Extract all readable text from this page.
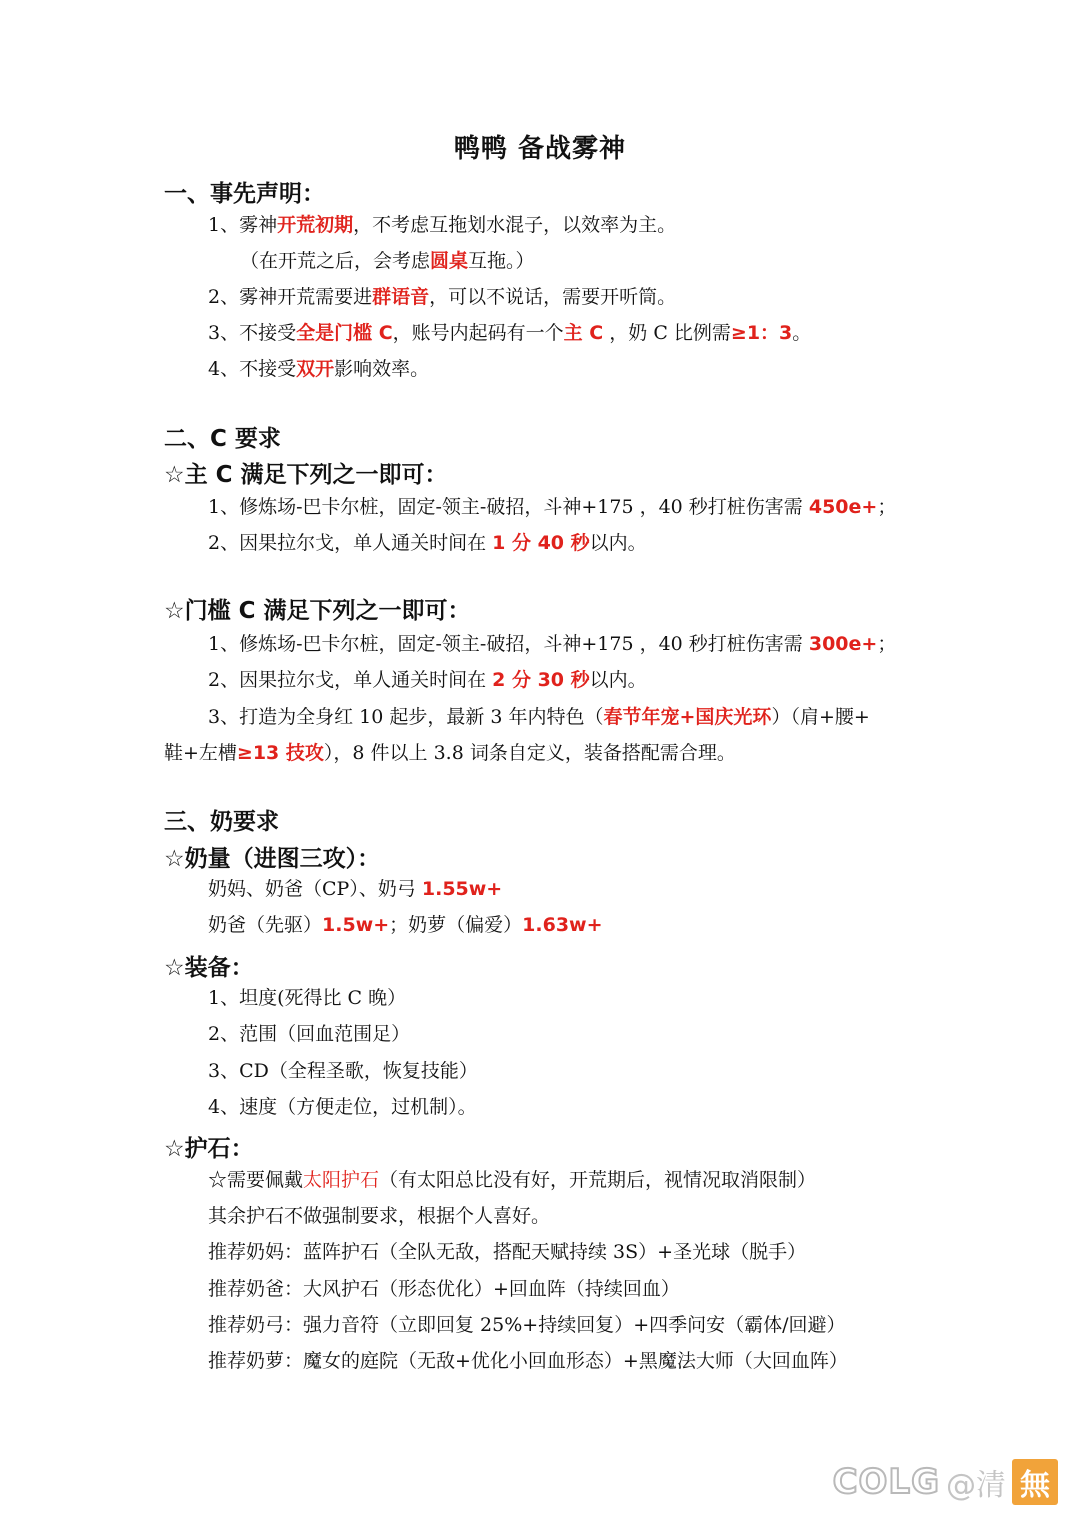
鸭鸭 备战雾神
一、事先声明：
1、雾神开荒初期，不考虑互拖划水混子，以效率为主。
（在开荒之后，会考虑圆桌互拖。）
2、雾神开荒需要进群语音，可以不说话，需要开听筒。
3、不接受全是门槛 C，账号内起码有一个主 C ，奶 C 比例需≥1：3。
4、不接受双开影响效率。
二、C 要求
☆主 C 满足下列之一即可：
1、修炼场-巴卡尔桩，固定-领主-破招，斗神+175 ，40 秒打桩伤害需 450e+；
2、因果拉尔戈，单人通关时间在 1 分 40 秒以内。
☆门槛 C 满足下列之一即可：
1、修炼场-巴卡尔桩，固定-领主-破招，斗神+175 ，40 秒打桩伤害需 300e+；
2、因果拉尔戈，单人通关时间在 2 分 30 秒以内。
3、打造为全身红 10 起步，最新 3 年内特色（春节年宠+国庆光环）（肩+腰+
鞋+左槽≥13 技攻），8 件以上 3.8 词条自定义，装备搭配需合理。
三、奶要求
☆奶量（进图三攻）：
奶妈、奶爸（CP）、奶弓 1.55w+
奶爸（先驱）1.5w+；奶萝（偏爱）1.63w+
☆装备：
1、坦度(死得比 C 晚）
2、范围（回血范围足）
3、CD（全程圣歌，恢复技能）
4、速度（方便走位，过机制）。
☆护石：
☆需要佩戴太阳护石（有太阳总比没有好，开荒期后，视情况取消限制）
其余护石不做强制要求，根据个人喜好。
推荐奶妈：蓝阵护石（全队无敌，搭配天赋持续 3S）+圣光球（脱手）
推荐奶爸：大风护石（形态优化）+回血阵（持续回血）
推荐奶弓：强力音符（立即回复 25%+持续回复）+四季问安（霸体/回避）
推荐奶萝：魔女的庭院（无敌+优化小回血形态）+黑魔法大师（大回血阵）
COLG @清 無
